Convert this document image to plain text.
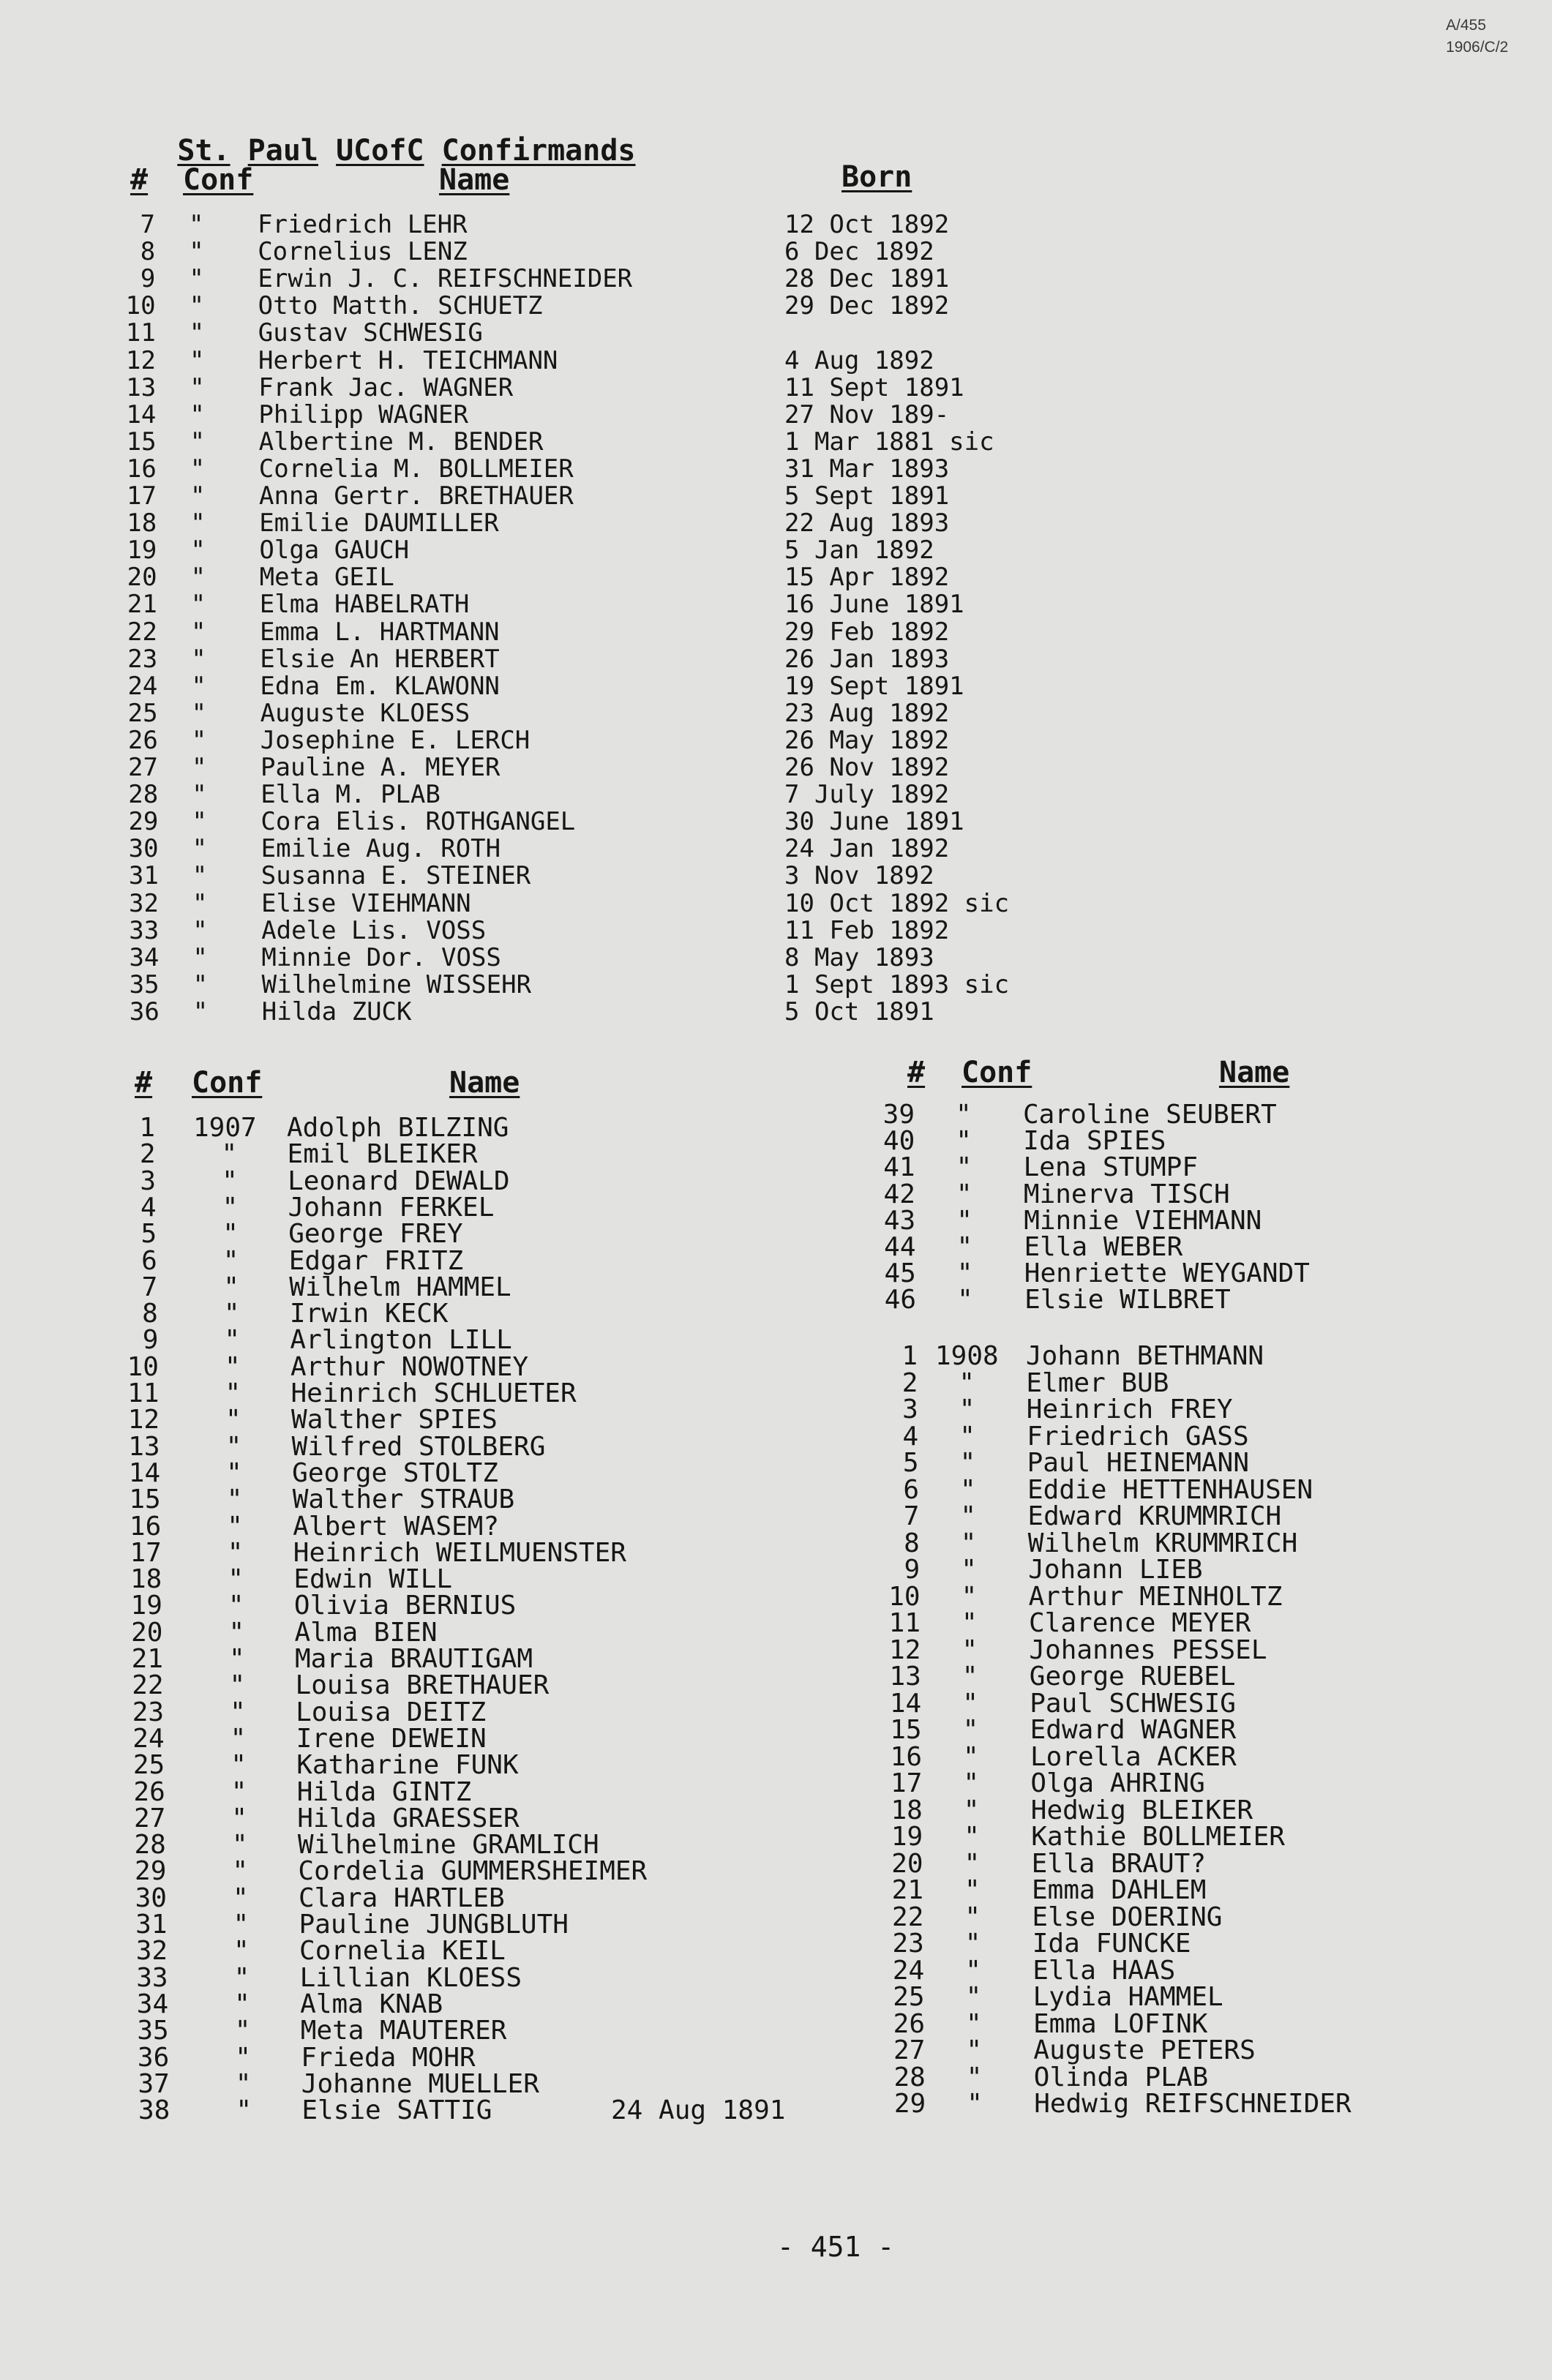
A/455
1906/C/2

St. Paul UCofC Confirmands

# Conf	Name	Born
7 " Friedrich LEHR	12 Oct 1892
8 " Cornelius LENZ	6 Dec 1892
9 " Erwin J. C. REIFSCHNEIDER	28 Dec 1891
10 " Otto Matth. SCHUETZ	29 Dec 1892
11 " Gustav SCHWESIG
12 " Herbert H. TEICHMANN	4 Aug 1892
13 " Frank Jac. WAGNER	11 Sept 1891
14 " Philipp WAGNER	27 Nov 189-
15 " Albertine M. BENDER	1 Mar 1881 sic
16 " Cornelia M. BOLLMEIER	31 Mar 1893
17 " Anna Gertr. BRETHAUER	5 Sept 1891
18 " Emilie DAUMILLER	22 Aug 1893
19 " Olga GAUCH	5 Jan 1892
20 " Meta GEIL	15 Apr 1892
21 " Elma HABELRATH	16 June 1891
22 " Emma L. HARTMANN	29 Feb 1892
23 " Elsie An HERBERT	26 Jan 1893
24 " Edna Em. KLAWONN	19 Sept 1891
25 " Auguste KLOESS	23 Aug 1892
26 " Josephine E. LERCH	26 May 1892
27 " Pauline A. MEYER	26 Nov 1892
28 " Ella M. PLAB	7 July 1892
29 " Cora Elis. ROTHGANGEL	30 June 1891
30 " Emilie Aug. ROTH	24 Jan 1892
31 " Susanna E. STEINER	3 Nov 1892
32 " Elise VIEHMANN	10 Oct 1892 sic
33 " Adele Lis. VOSS	11 Feb 1892
34 " Minnie Dor. VOSS	8 May 1893
35 " Wilhelmine WISSEHR	1 Sept 1893 sic
36 " Hilda ZUCK	5 Oct 1891
# Conf	Name
1 1907 Adolph BILZING
2	" Emil BLEIKER
3	" Leonard DEWALD
4	" Johann FERKEL
5	" George FREY
6	" Edgar FRITZ
7	" Wilhelm HAMMEL
8	" Irwin KECK
9	" Arlington LILL
10	" Arthur NOWOTNEY
11	" Heinrich SCHLUETER
12	" Walther SPIES
13	" Wilfred STOLBERG
14	" George STOLTZ
15	" Walther STRAUB
16	" Albert WASEM?
17	" Heinrich WEILMUENSTER
18	" Edwin WILL
19	" Olivia BERNIUS
20	" Alma BIEN
21	" Maria BRAUTIGAM
22	" Louisa BRETHAUER
23	" Louisa DEITZ
24	" Irene DEWEIN
25	" Katharine FUNK
26	" Hilda GINTZ
27	" Hilda GRAESSER
28	" Wilhelmine GRAMLICH
29	" Cordelia GUMMERSHEIMER
30	" Clara HARTLEB
31	" Pauline JUNGBLUTH
32	" Cornelia KEIL
33	" Lillian KLOESS
34	" Alma KNAB
35	" Meta MAUTERER
36	" Frieda MOHR
37	" Johanne MUELLER
38	" Elsie SATTIG	24 Aug 1891
# Conf	Name
39 " Caroline SEUBERT
40 " Ida SPIES
41 " Lena STUMPF
42 " Minerva TISCH
43 " Minnie VIEHMANN
44 " Ella WEBER
45 " Henriette WEYGANDT
46 " Elsie WILBRET
1 1908 Johann BETHMANN
2 " Elmer BUB
3 " Heinrich FREY
4 " Friedrich GASS
5 " Paul HEINEMANN
6 " Eddie HETTENHAUSEN
7 " Edward KRUMMRICH
8 " Wilhelm KRUMMRICH
9 " Johann LIEB
10 " Arthur MEINHOLTZ
11 " Clarence MEYER
12 " Johannes PESSEL
13 " George RUEBEL
14 " Paul SCHWESIG
15 " Edward WAGNER
16 " Lorella ACKER
17 " Olga AHRING
18 " Hedwig BLEIKER
19 " Kathie BOLLMEIER
20 " Ella BRAUT?
21 " Emma DAHLEM
22 " Else DOERING
23 " Ida FUNCKE
24 " Ella HAAS
25 " Lydia HAMMEL
26 " Emma LOFINK
27 " Auguste PETERS
28 " Olinda PLAB
29 " Hedwig REIFSCHNEIDER
- 451 -
